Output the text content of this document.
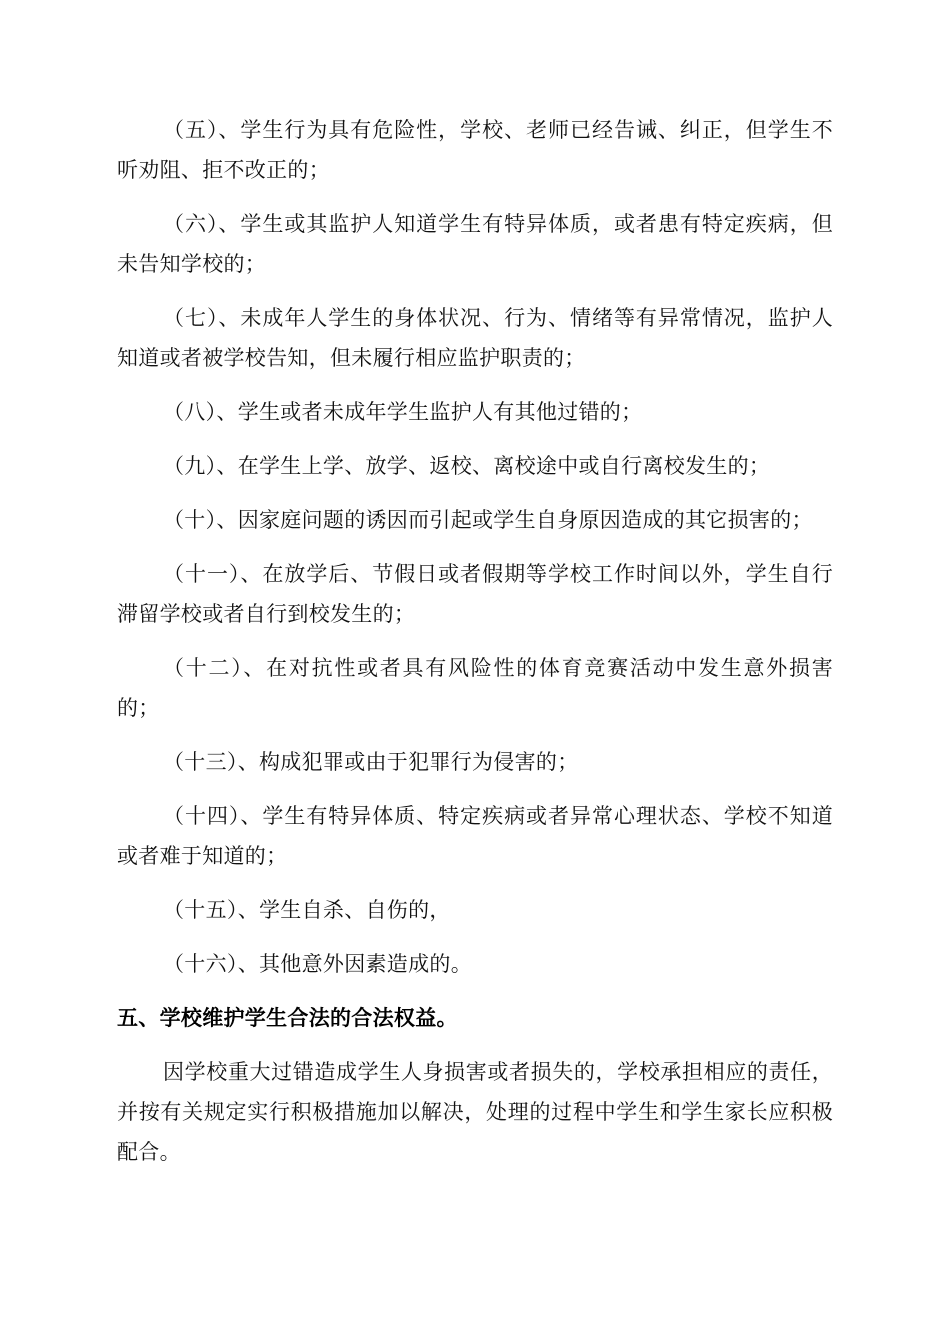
（五）、学生行为具有危险性，学校、老师已经告诫、纠正，但学生不听劝阻、拒不改正的；

（六）、学生或其监护人知道学生有特异体质，或者患有特定疾病，但未告知学校的；

（七）、未成年人学生的身体状况、行为、情绪等有异常情况，监护人知道或者被学校告知，但未履行相应监护职责的；

（八）、学生或者未成年学生监护人有其他过错的；

（九）、在学生上学、放学、返校、离校途中或自行离校发生的；

（十）、因家庭问题的诱因而引起或学生自身原因造成的其它损害的；

（十一）、在放学后、节假日或者假期等学校工作时间以外，学生自行滞留学校或者自行到校发生的；

（十二）、在对抗性或者具有风险性的体育竞赛活动中发生意外损害的；

（十三）、构成犯罪或由于犯罪行为侵害的；

（十四）、学生有特异体质、特定疾病或者异常心理状态、学校不知道或者难于知道的；

（十五）、学生自杀、自伤的，

（十六）、其他意外因素造成的。

五、学校维护学生合法的合法权益。

因学校重大过错造成学生人身损害或者损失的，学校承担相应的责任，并按有关规定实行积极措施加以解决，处理的过程中学生和学生家长应积极配合。
